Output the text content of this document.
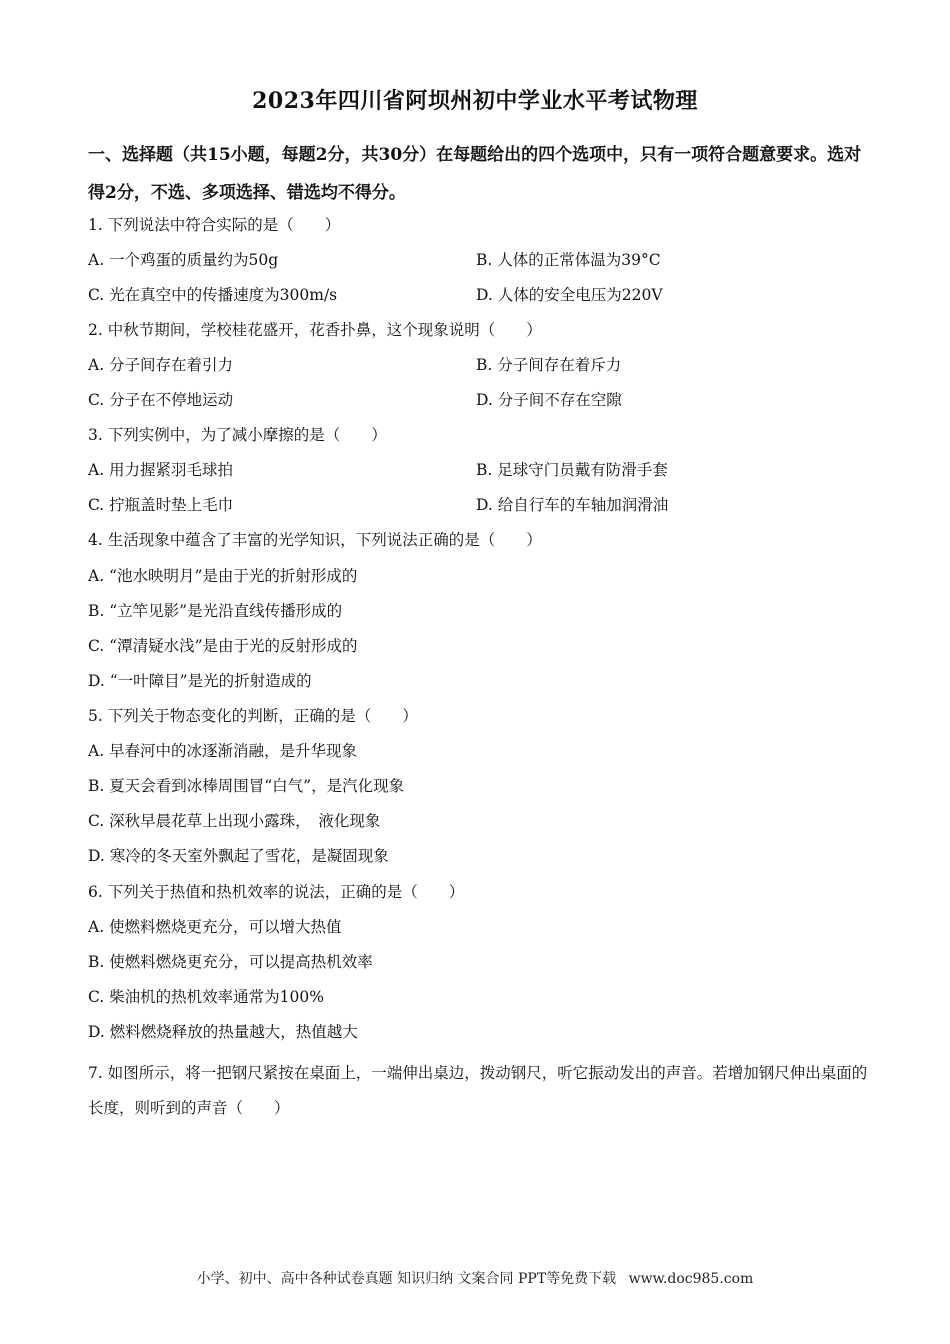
2023年四川省阿坝州初中学业水平考试物理
一、选择题（共15小题，每题2分，共30分）在每题给出的四个选项中，只有一项符合题意要求。选对得2分，不选、多项选择、错选均不得分。
1. 下列说法中符合实际的是（　　）
A. 一个鸡蛋的质量约为50g	B. 人体的正常体温为39°C
C. 光在真空中的传播速度为300m/s	D. 人体的安全电压为220V
2. 中秋节期间，学校桂花盛开，花香扑鼻，这个现象说明（　　）
A. 分子间存在着引力	B. 分子间存在着斥力
C. 分子在不停地运动	D. 分子间不存在空隙
3. 下列实例中，为了减小摩擦的是（　　）
A. 用力握紧羽毛球拍	B. 足球守门员戴有防滑手套
C. 拧瓶盖时垫上毛巾	D. 给自行车的车轴加润滑油
4. 生活现象中蕴含了丰富的光学知识，下列说法正确的是（　　）
A. “池水映明月”是由于光的折射形成的
B. “立竿见影”是光沿直线传播形成的
C. “潭清疑水浅”是由于光的反射形成的
D. “一叶障目”是光的折射造成的
5. 下列关于物态变化的判断，正确的是（　　）
A. 早春河中的冰逐渐消融，是升华现象
B. 夏天会看到冰棒周围冒“白气”，是汽化现象
C. 深秋早晨花草上出现小露珠，　液化现象
D. 寒冷的冬天室外飘起了雪花，是凝固现象
6. 下列关于热值和热机效率的说法，正确的是（　　）
A. 使燃料燃烧更充分，可以增大热值
B. 使燃料燃烧更充分，可以提高热机效率
C. 柴油机的热机效率通常为100%
D. 燃料燃烧释放的热量越大，热值越大
7. 如图所示，将一把钢尺紧按在桌面上，一端伸出桌边，拨动钢尺，听它振动发出的声音。若增加钢尺伸出桌面的长度，则听到的声音（　　）
小学、初中、高中各种试卷真题 知识归纳 文案合同 PPT等免费下载 www.doc985.com
